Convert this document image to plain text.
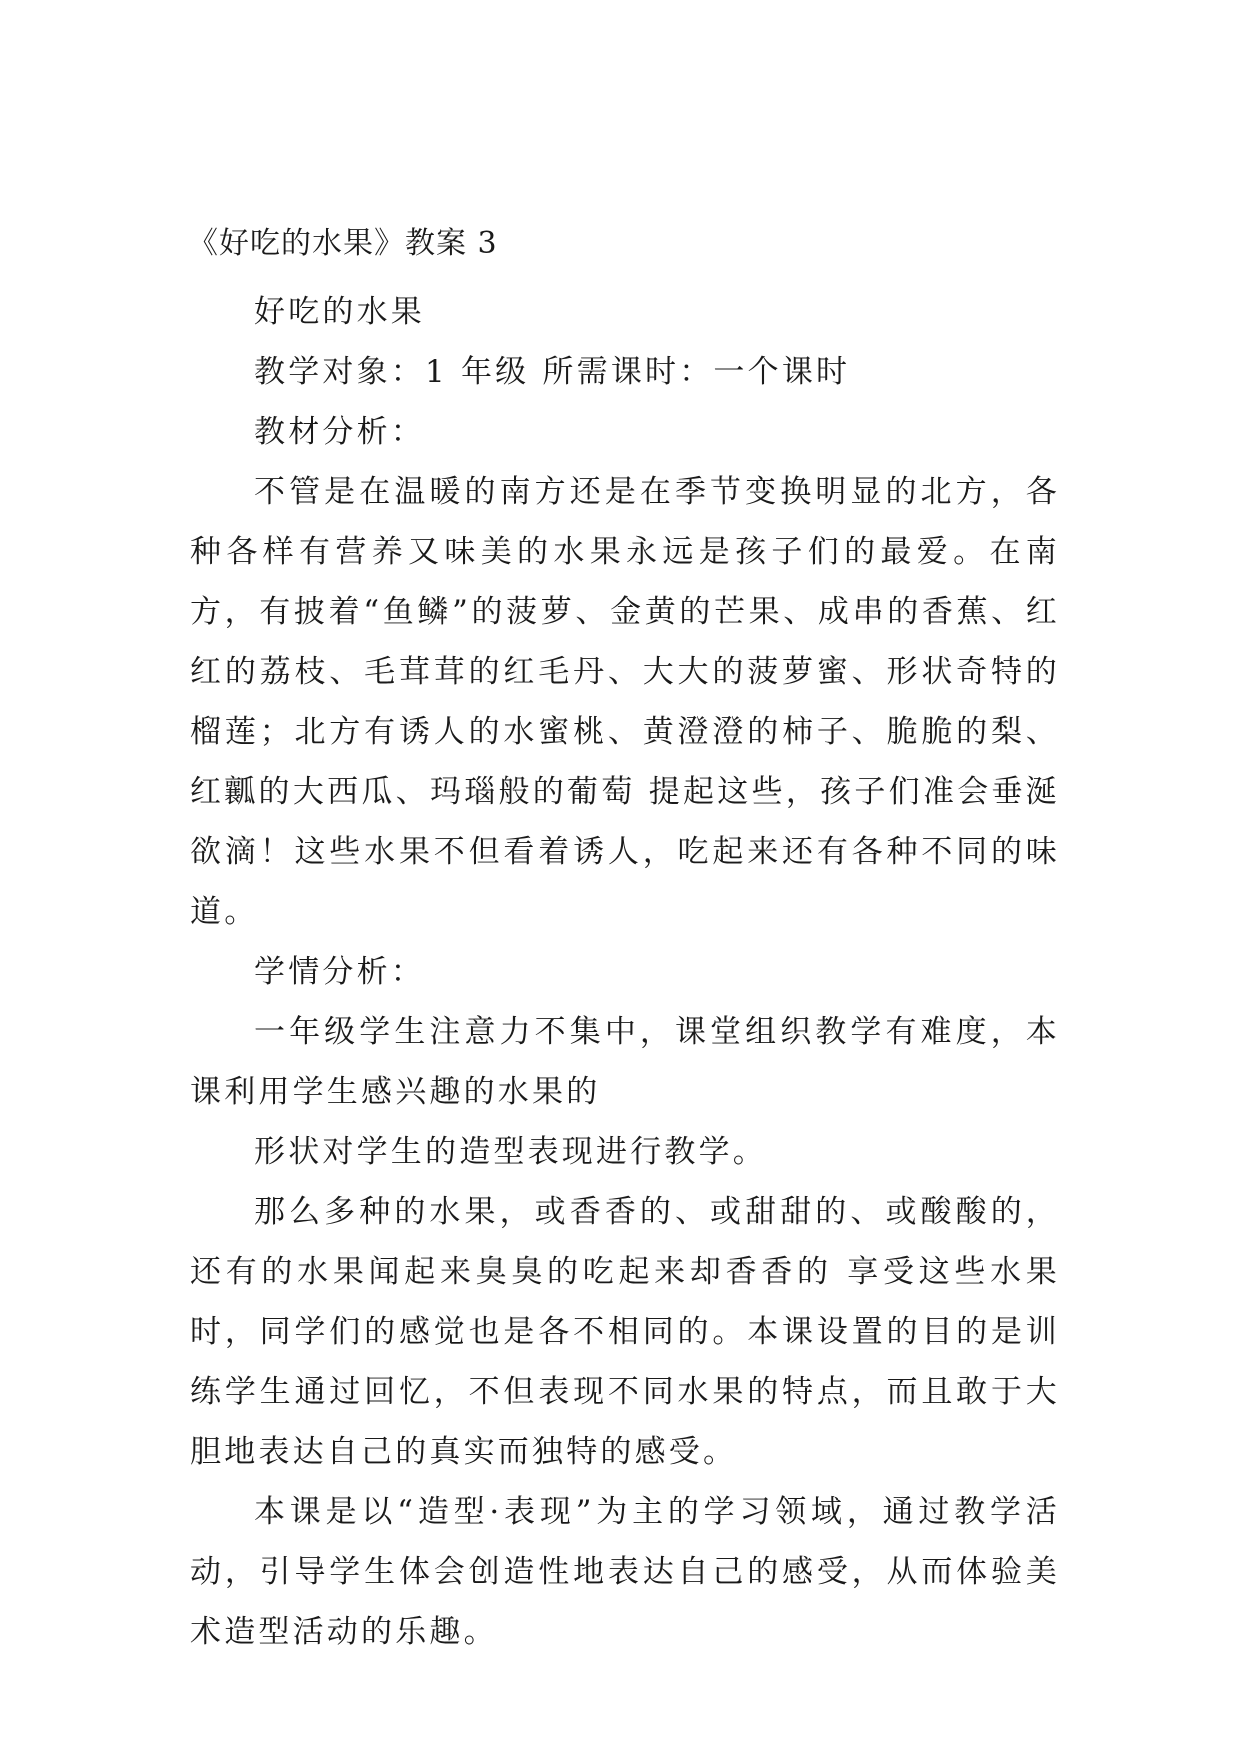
《好吃的水果》教案 3

好吃的水果

教学对象：1 年级 所需课时：一个课时

教材分析：

不管是在温暖的南方还是在季节变换明显的北方，各种各样有营养又味美的水果永远是孩子们的最爱。在南方，有披着“鱼鳞”的菠萝、金黄的芒果、成串的香蕉、红红的荔枝、毛茸茸的红毛丹、大大的菠萝蜜、形状奇特的榴莲；北方有诱人的水蜜桃、黄澄澄的柿子、脆脆的梨、红瓤的大西瓜、玛瑙般的葡萄 提起这些，孩子们准会垂涎欲滴！这些水果不但看着诱人，吃起来还有各种不同的味道。

学情分析：

一年级学生注意力不集中，课堂组织教学有难度，本课利用学生感兴趣的水果的

形状对学生的造型表现进行教学。

那么多种的水果，或香香的、或甜甜的、或酸酸的，还有的水果闻起来臭臭的吃起来却香香的 享受这些水果时，同学们的感觉也是各不相同的。本课设置的目的是训练学生通过回忆，不但表现不同水果的特点，而且敢于大胆地表达自己的真实而独特的感受。

本课是以“造型·表现”为主的学习领域，通过教学活动，引导学生体会创造性地表达自己的感受，从而体验美术造型活动的乐趣。
